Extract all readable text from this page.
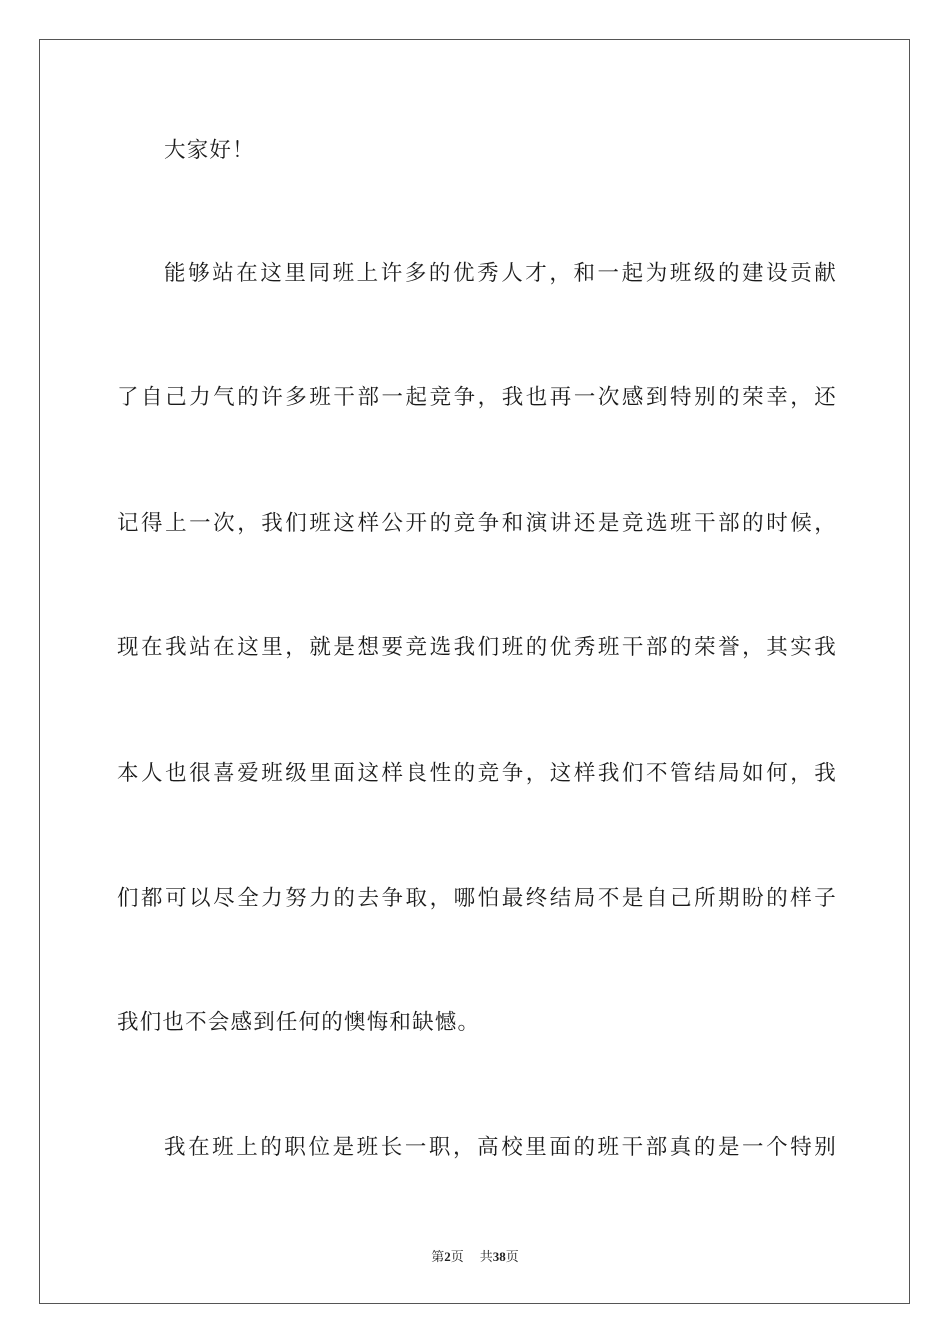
大家好！
能够站在这里同班上许多的优秀人才，和一起为班级的建设贡献
了自己力气的许多班干部一起竞争，我也再一次感到特别的荣幸，还
记得上一次，我们班这样公开的竞争和演讲还是竞选班干部的时候，
现在我站在这里，就是想要竞选我们班的优秀班干部的荣誉，其实我
本人也很喜爱班级里面这样良性的竞争，这样我们不管结局如何，我
们都可以尽全力努力的去争取，哪怕最终结局不是自己所期盼的样子
我们也不会感到任何的懊悔和缺憾。
我在班上的职位是班长一职，高校里面的班干部真的是一个特别
第2页 共38页
